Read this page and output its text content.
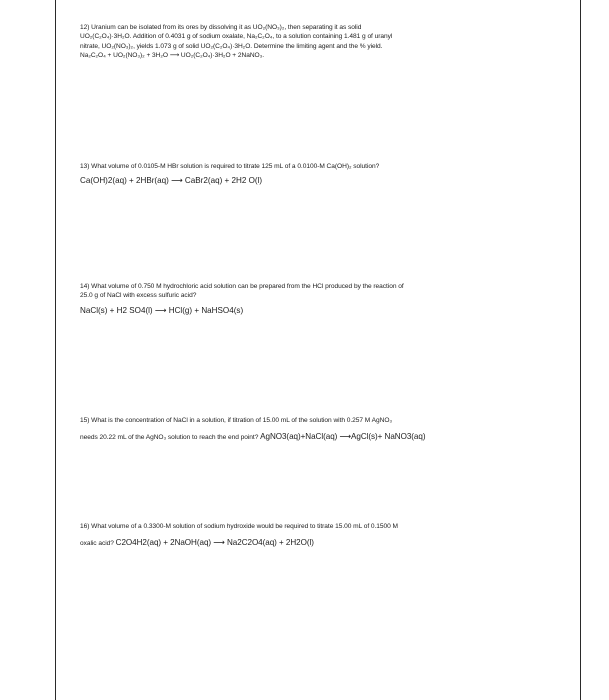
12) Uranium can be isolated from its ores by dissolving it as UO₂(NO₃)₂, then separating it as solid
UO₂(C₂O₄)·3H₂O. Addition of 0.4031 g of sodium oxalate, Na₂C₂O₄, to a solution containing 1.481 g of uranyl
nitrate, UO₂(NO₃)₂, yields 1.073 g of solid UO₂(C₂O₄)·3H₂O. Determine the limiting agent and the % yield.
Na₂C₂O₄ + UO₂(NO₃)₂ + 3H₂O ⟶ UO₂(C₂O₄)·3H₂O + 2NaNO₃.
13) What volume of 0.0105-M HBr solution is required to titrate 125 mL of a 0.0100-M Ca(OH)₂ solution?
Ca(OH)2(aq) + 2HBr(aq) ⟶ CaBr2(aq) + 2H2 O(l)
14) What volume of 0.750 M hydrochloric acid solution can be prepared from the HCl produced by the reaction of
25.0 g of NaCl with excess sulfuric acid?
NaCl(s) + H2 SO4(l) ⟶ HCl(g) + NaHSO4(s)
15) What is the concentration of NaCl in a solution, if titration of 15.00 mL of the solution with 0.257 M AgNO₃
needs 20.22 mL of the AgNO₃ solution to reach the end point? AgNO3(aq)+NaCl(aq) ⟶AgCl(s)+ NaNO3(aq)
16) What volume of a 0.3300-M solution of sodium hydroxide would be required to titrate 15.00 mL of 0.1500 M
oxalic acid? C2O4H2(aq) + 2NaOH(aq) ⟶ Na2C2O4(aq) + 2H2O(l)
